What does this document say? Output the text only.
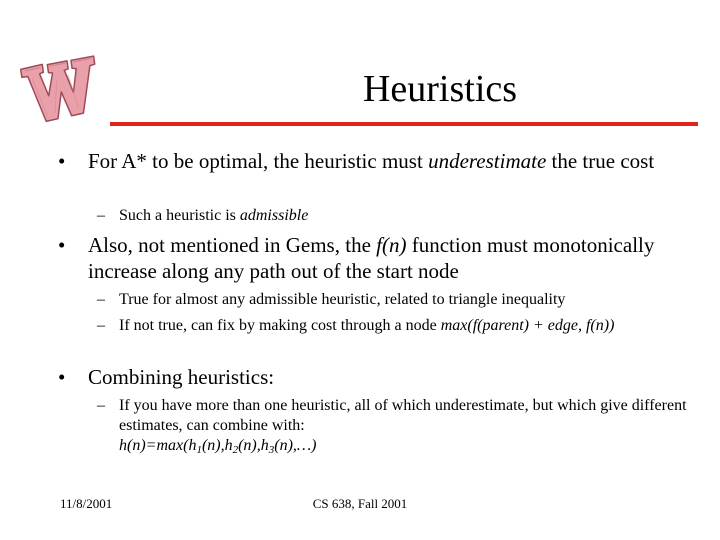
Heuristics
• For A* to be optimal, the heuristic must underestimate the true cost
– Such a heuristic is admissible
• Also, not mentioned in Gems, the f(n) function must monotonically increase along any path out of the start node
– True for almost any admissible heuristic, related to triangle inequality
– If not true, can fix by making cost through a node max(f(parent) + edge, f(n))
• Combining heuristics:
– If you have more than one heuristic, all of which underestimate, but which give different estimates, can combine with:
$h(n)=\max(h_1(n),h_2(n),h_3(n),\dots)$
11/8/2001	CS 638, Fall 2001
